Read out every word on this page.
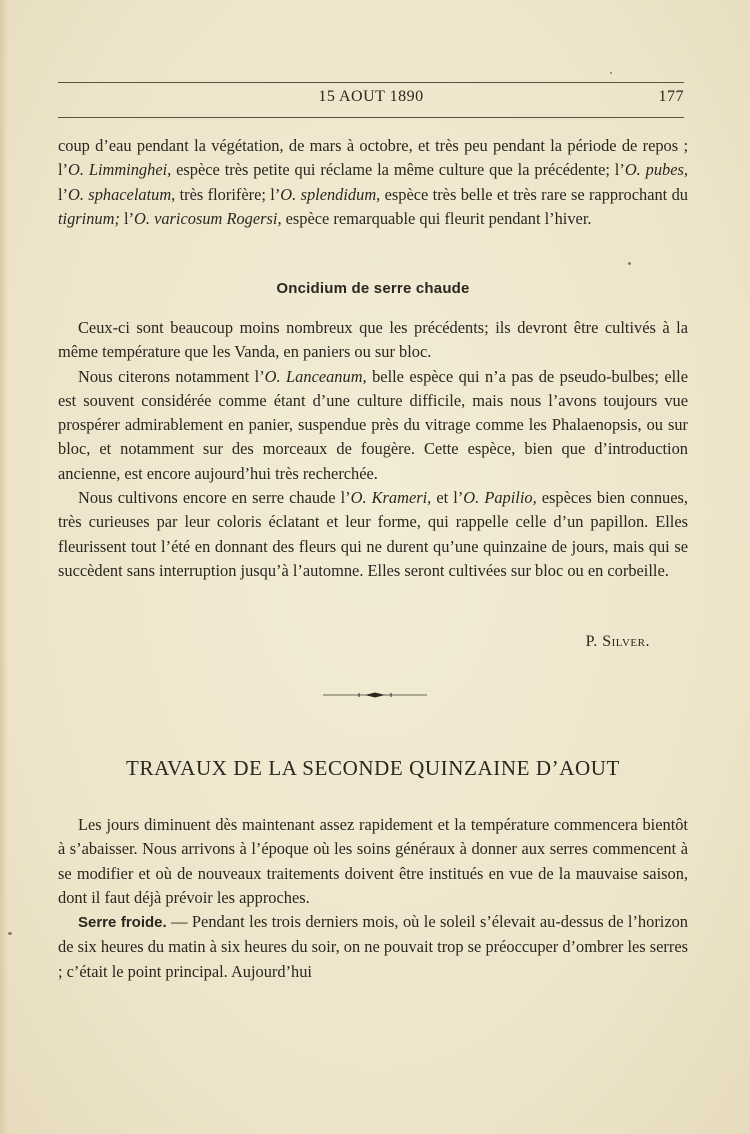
15 AOUT 1890	177

coup d’eau pendant la végétation, de mars à octobre, et très peu pendant la période de repos ; l’O. Limminghei, espèce très petite qui réclame la même culture que la précédente; l’O. pubes, l’O. sphacelatum, très florifère; l’O. splendidum, espèce très belle et très rare se rapprochant du tigrinum; l’O. varicosum Rogersi, espèce remarquable qui fleurit pendant l’hiver.

Oncidium de serre chaude

Ceux-ci sont beaucoup moins nombreux que les précédents; ils devront être cultivés à la même température que les Vanda, en paniers ou sur bloc.

Nous citerons notamment l’O. Lanceanum, belle espèce qui n’a pas de pseudo-bulbes; elle est souvent considérée comme étant d’une culture difficile, mais nous l’avons toujours vue prospérer admirablement en panier, suspendue près du vitrage comme les Phalaenopsis, ou sur bloc, et notamment sur des morceaux de fougère. Cette espèce, bien que d’introduction ancienne, est encore aujourd’hui très recherchée.

Nous cultivons encore en serre chaude l’O. Krameri, et l’O. Papilio, espèces bien connues, très curieuses par leur coloris éclatant et leur forme, qui rappelle celle d’un papillon. Elles fleurissent tout l’été en donnant des fleurs qui ne durent qu’une quinzaine de jours, mais qui se succèdent sans interruption jusqu’à l’automne. Elles seront cultivées sur bloc ou en corbeille.

P. Silver.
TRAVAUX DE LA SECONDE QUINZAINE D’AOUT

Les jours diminuent dès maintenant assez rapidement et la température commencera bientôt à s’abaisser. Nous arrivons à l’époque où les soins généraux à donner aux serres commencent à se modifier et où de nouveaux traitements doivent être institués en vue de la mauvaise saison, dont il faut déjà prévoir les approches.

Serre froide. — Pendant les trois derniers mois, où le soleil s’élevait au-dessus de l’horizon de six heures du matin à six heures du soir, on ne pouvait trop se préoccuper d’ombrer les serres ; c’était le point principal. Aujourd’hui
